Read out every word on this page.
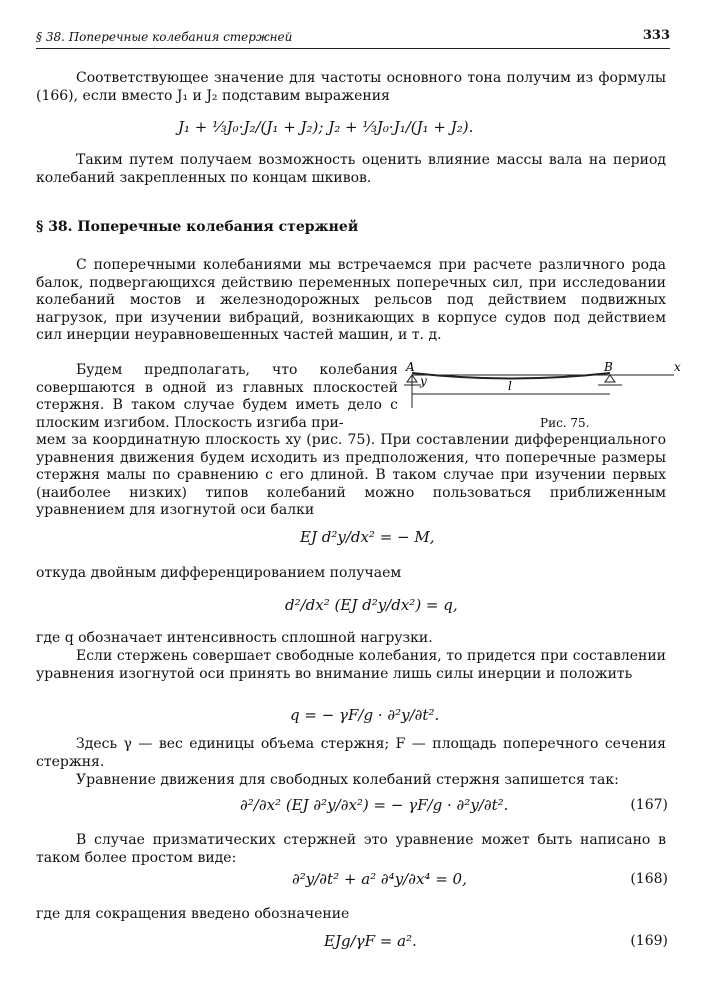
§ 38. Поперечные колебания стержней	333
Соответствующее значение для частоты основного тона получим из формулы (166), если вместо J₁ и J₂ подставим выражения
J₁ + ⅓J₀·J₂/(J₁ + J₂); J₂ + ⅓J₀·J₁/(J₁ + J₂).
Таким путем получаем возможность оценить влияние массы вала на период колебаний закрепленных по концам шкивов.
§ 38. Поперечные колебания стержней
С поперечными колебаниями мы встречаемся при расчете различного рода балок, подвергающихся действию переменных поперечных сил, при исследовании колебаний мостов и железнодорожных рельсов под действием подвижных нагрузок, при изучении вибраций, возникающих в корпусе судов под действием сил инерции неуравновешенных частей машин, и т. д.
A	B	x
y	l
Рис. 75.
Будем предполагать, что колебания совершаются в одной из главных плоскостей стержня. В таком случае будем иметь дело с плоским изгибом. Плоскость изгиба при-
мем за координатную плоскость xy (рис. 75). При составлении дифференциального уравнения движения будем исходить из предположения, что поперечные размеры стержня малы по сравнению с его длиной. В таком случае при изучении первых (наиболее низких) типов колебаний можно пользоваться приближенным уравнением для изогнутой оси балки
EJ d²y/dx² = − M,
откуда двойным дифференцированием получаем
d²/dx² (EJ d²y/dx²) = q,
где q обозначает интенсивность сплошной нагрузки.
Если стержень совершает свободные колебания, то придется при составлении уравнения изогнутой оси принять во внимание лишь силы инерции и положить
q = − γF/g · ∂²y/∂t².
Здесь γ — вес единицы объема стержня; F — площадь поперечного сечения стержня.
Уравнение движения для свободных колебаний стержня запишется так:
∂²/∂x² (EJ ∂²y/∂x²) = − γF/g · ∂²y/∂t².	(167)
В случае призматических стержней это уравнение может быть написано в таком более простом виде:
∂²y/∂t² + a² ∂⁴y/∂x⁴ = 0,	(168)
где для сокращения введено обозначение
EJg/γF = a².	(169)
